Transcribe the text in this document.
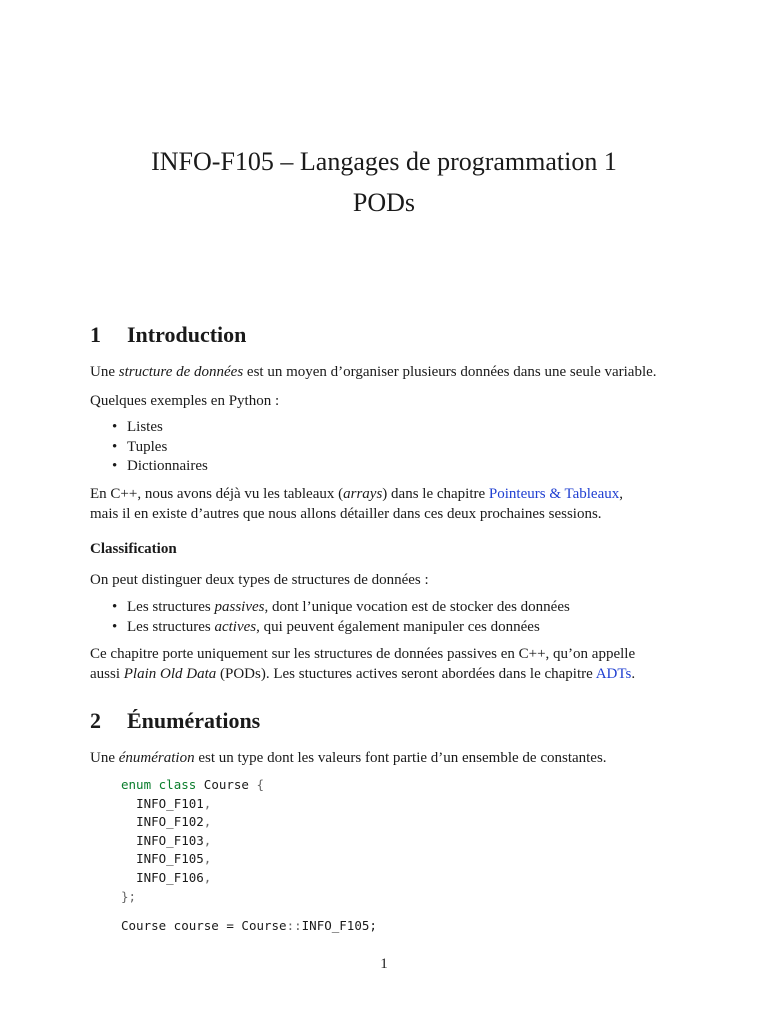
INFO-F105 – Langages de programmation 1
PODs
1 Introduction
Une structure de données est un moyen d’organiser plusieurs données dans une seule variable.
Quelques exemples en Python :
• Listes
• Tuples
• Dictionnaires
En C++, nous avons déjà vu les tableaux (arrays) dans le chapitre Pointeurs & Tableaux,
mais il en existe d’autres que nous allons détailler dans ces deux prochaines sessions.
Classification
On peut distinguer deux types de structures de données :
• Les structures passives, dont l’unique vocation est de stocker des données
• Les structures actives, qui peuvent également manipuler ces données
Ce chapitre porte uniquement sur les structures de données passives en C++, qu’on appelle
aussi Plain Old Data (PODs). Les stuctures actives seront abordées dans le chapitre ADTs.
2 Énumérations
Une énumération est un type dont les valeurs font partie d’un ensemble de constantes.
enum class Course {
INFO_F101,
INFO_F102,
INFO_F103,
INFO_F105,
INFO_F106,
};
Course course = Course::INFO_F105;
1
